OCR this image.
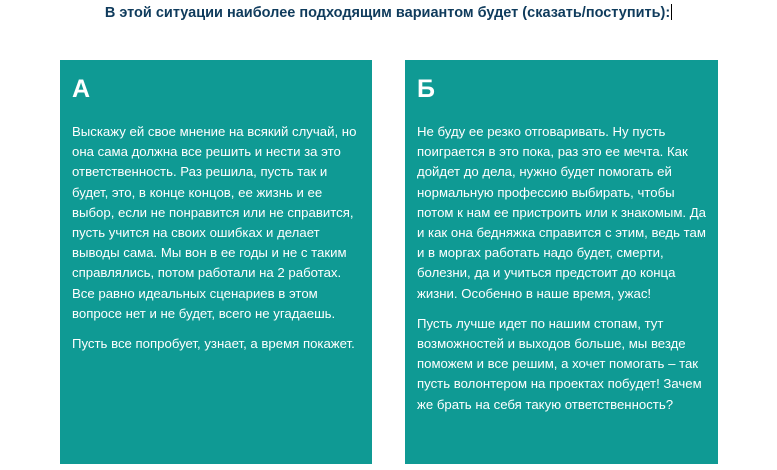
В этой ситуации наиболее подходящим вариантом будет (сказать/поступить):
А

Выскажу ей свое мнение на всякий случай, но она сама должна все решить и нести за это ответственность. Раз решила, пусть так и будет, это, в конце концов, ее жизнь и ее выбор, если не понравится или не справится, пусть учится на своих ошибках и делает выводы сама. Мы вон в ее годы и не с таким справлялись, потом работали на 2 работах. Все равно идеальных сценариев в этом вопросе нет и не будет, всего не угадаешь.

Пусть все попробует, узнает, а время покажет.

Б

Не буду ее резко отговаривать. Ну пусть поиграется в это пока, раз это ее мечта. Как дойдет до дела, нужно будет помогать ей нормальную профессию выбирать, чтобы потом к нам ее пристроить или к знакомым. Да и как она бедняжка справится с этим, ведь там и в моргах работать надо будет, смерти, болезни, да и учиться предстоит до конца жизни. Особенно в наше время, ужас!

Пусть лучше идет по нашим стопам, тут возможностей и выходов больше, мы везде поможем и все решим, а хочет помогать – так пусть волонтером на проектах побудет! Зачем же брать на себя такую ответственность?
